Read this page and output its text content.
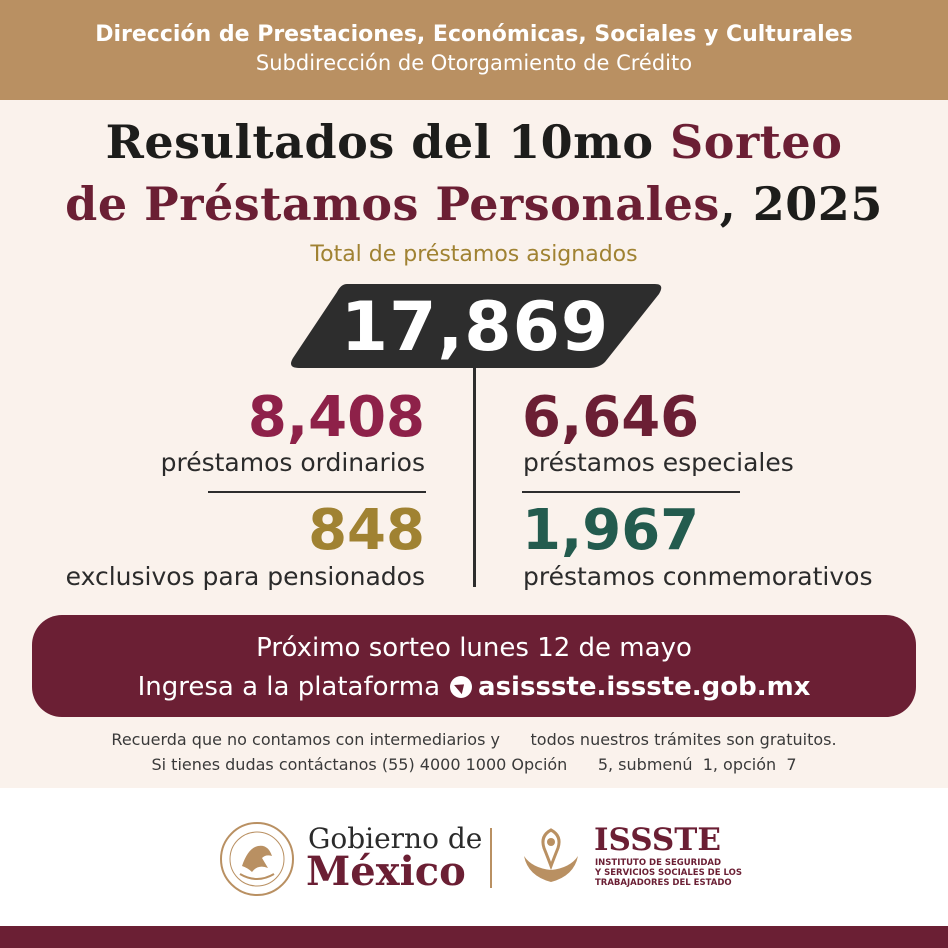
Dirección de Prestaciones, Económicas, Sociales y Culturales
Subdirección de Otorgamiento de Crédito
Resultados del 10mo Sorteo
de Préstamos Personales, 2025
Total de préstamos asignados
17,869
8,408
préstamos ordinarios
6,646
préstamos especiales
848
exclusivos para pensionados
1,967
préstamos conmemorativos
Próximo sorteo lunes 12 de mayo
Ingresa a la plataforma asissste.issste.gob.mx
Recuerda que no contamos con intermediarios y      todos nuestros trámites son gratuitos.
Si tienes dudas contáctanos (55) 4000 1000 Opción      5, submenú  1, opción  7
Gobierno de
México
ISSSTE
INSTITUTO DE SEGURIDAD
Y SERVICIOS SOCIALES DE LOS
TRABAJADORES DEL ESTADO
